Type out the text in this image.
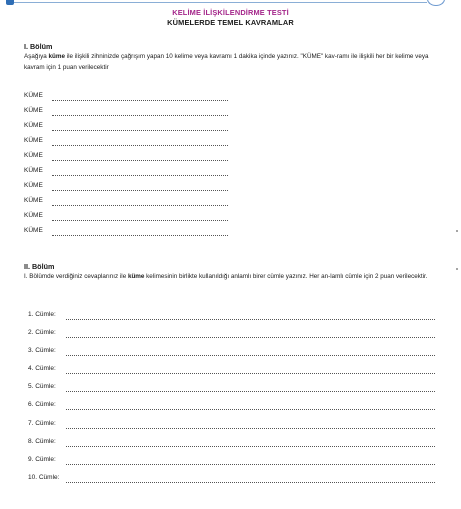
KELİME İLİŞKİLENDİRME TESTİ
KÜMELERDE TEMEL KAVRAMLAR
I. Bölüm

Aşağıya küme ile ilişkili zihninizde çağrışım yapan 10 kelime veya kavramı 1 dakika içinde yazınız. "KÜME" kav-ramı ile ilişkili her bir kelime veya kavram için 1 puan verilecektir

KÜME
KÜME
KÜME
KÜME
KÜME
KÜME
KÜME
KÜME
KÜME
KÜME
II. Bölüm

I. Bölümde verdiğiniz cevaplarınız ile küme kelimesinin birlikte kullanıldığı anlamlı birer cümle yazınız. Her an-lamlı cümle için 2 puan verilecektir.

1. Cümle:
2. Cümle:
3. Cümle:
4. Cümle:
5. Cümle:
6. Cümle:
7. Cümle:
8. Cümle:
9. Cümle:
10. Cümle:
